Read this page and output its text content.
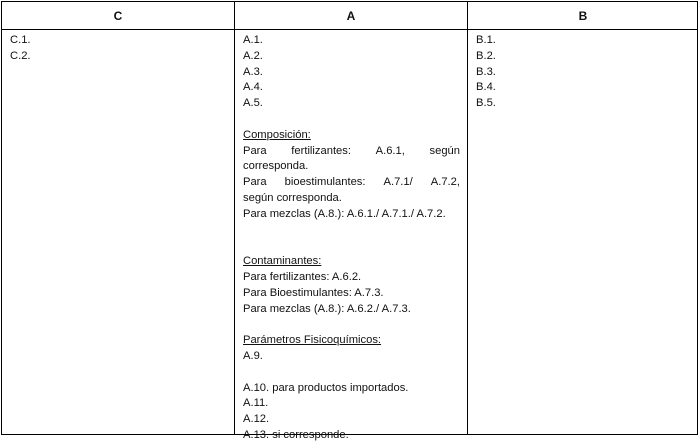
C
C.1.
C.2.
A
A.1.
A.2.
A.3.
A.4.
A.5.
Composición:
Para fertilizantes: A.6.1, según
corresponda.
Para bioestimulantes: A.7.1/ A.7.2,
según corresponda.
Para mezclas (A.8.): A.6.1./ A.7.1./ A.7.2.
Contaminantes:
Para fertilizantes: A.6.2.
Para Bioestimulantes: A.7.3.
Para mezclas (A.8.): A.6.2./ A.7.3.
Parámetros Fisicoquímicos:
A.9.
A.10. para productos importados.
A.11.
A.12.
A.13. si corresponde.
B
B.1.
B.2.
B.3.
B.4.
B.5.
